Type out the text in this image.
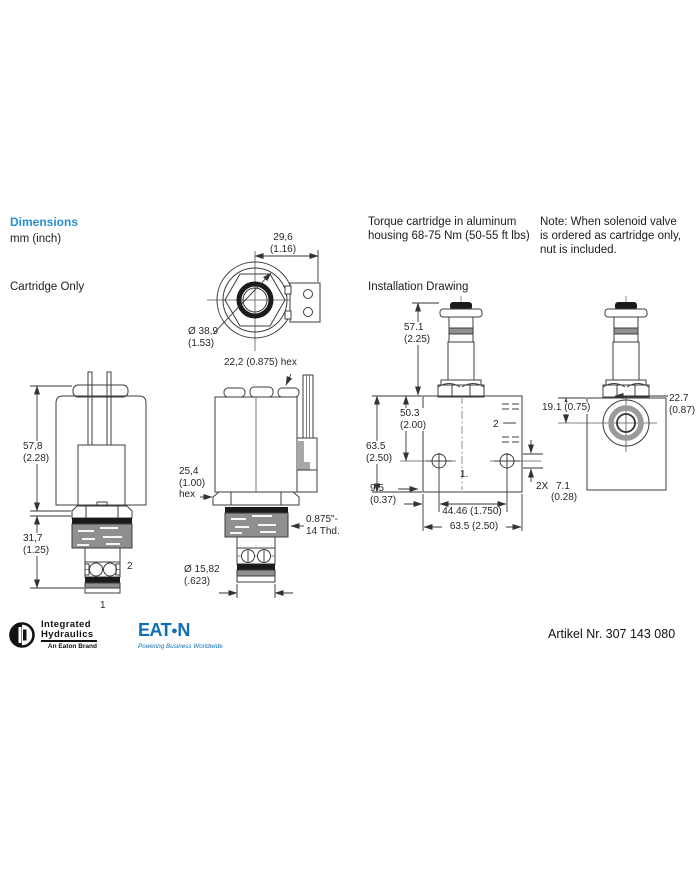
Dimensions
mm (inch)
Cartridge Only
Torque cartridge in aluminum
housing 68-75 Nm (50-55 ft lbs)
Note: When solenoid valve
is ordered as cartridge only,
nut is included.
Installation Drawing
29,6
(1.16)
Ø 38,9
(1.53)
22,2 (0.875) hex
57,8
(2.28)
31,7
(1.25)
2
1
25,4
(1.00)
hex
0.875"-
14 Thd.
Ø 15,82
(.623)
57.1
(2.25)
50.3
(2.00)
63.5
(2.50)
9.5
(0.37)
44.46 (1.750)
63.5 (2.50)
2
1.
2X 7.1
(0.28)
19.1 (0.75)
22.7
(0.87)
Integrated
Hydraulics
An Eaton Brand
EAT●N
Powering Business Worldwide
Artikel Nr. 307 143 080
